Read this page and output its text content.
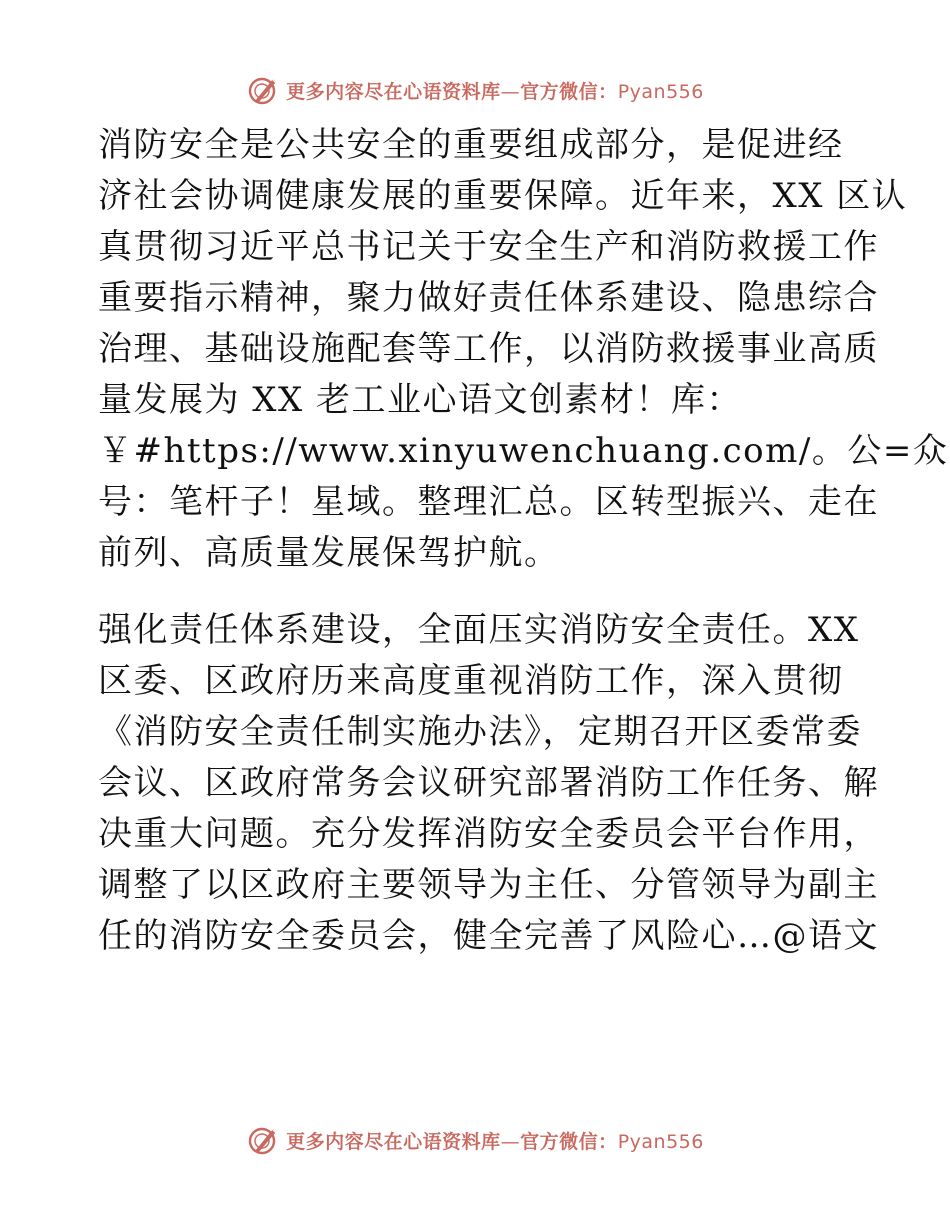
更多内容尽在心语资料库—官方微信：Pyan556

消防安全是公共安全的重要组成部分，是促进经
济社会协调健康发展的重要保障。近年来，XX 区认
真贯彻习近平总书记关于安全生产和消防救援工作
重要指示精神，聚力做好责任体系建设、隐患综合
治理、基础设施配套等工作，以消防救援事业高质
量发展为 XX 老工业心语文创素材！库：
￥#https://www.xinyuwenchuang.com/。公=众
号：笔杆子！星域。整理汇总。区转型振兴、走在
前列、高质量发展保驾护航。

强化责任体系建设，全面压实消防安全责任。XX
区委、区政府历来高度重视消防工作，深入贯彻
《消防安全责任制实施办法》，定期召开区委常委
会议、区政府常务会议研究部署消防工作任务、解
决重大问题。充分发挥消防安全委员会平台作用，
调整了以区政府主要领导为主任、分管领导为副主
任的消防安全委员会，健全完善了风险心…@语文

更多内容尽在心语资料库—官方微信：Pyan556
